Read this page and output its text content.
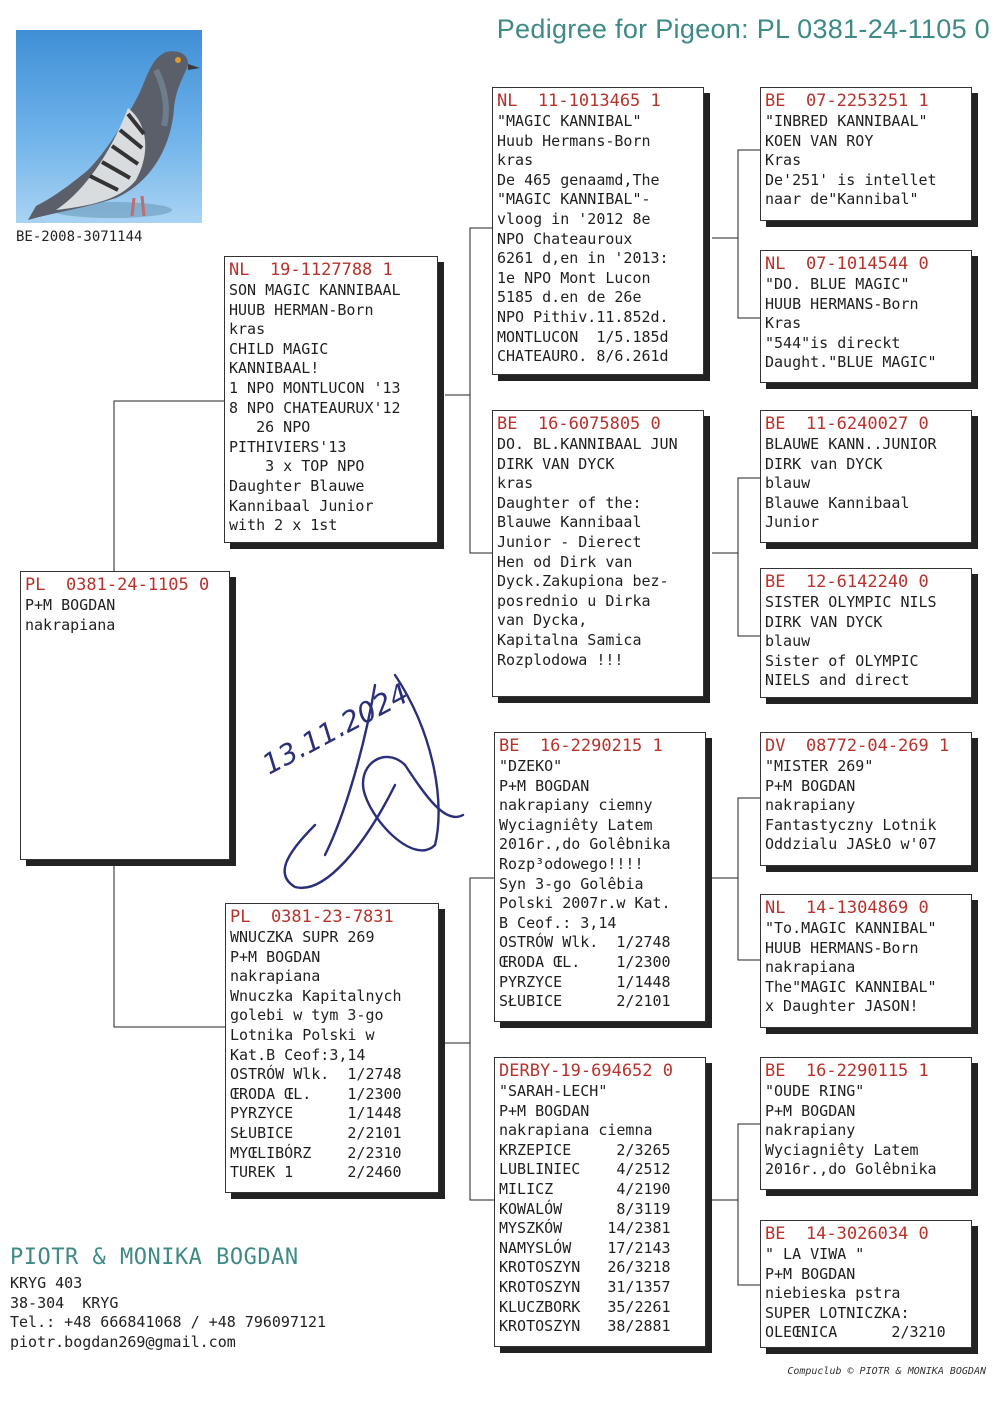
Pedigree for Pigeon: PL 0381-24-1105 0
BE-2008-3071144
PL  0381-24-1105 0
P+M BOGDAN
nakrapiana
NL  19-1127788 1
SON MAGIC KANNIBAAL
HUUB HERMAN-Born
kras
CHILD MAGIC
KANNIBAAL!
1 NPO MONTLUCON '13
8 NPO CHATEAURUX'12
26 NPO
PITHIVIERS'13
3 x TOP NPO
Daughter Blauwe
Kannibaal Junior
with 2 x 1st
PL  0381-23-7831
WNUCZKA SUPR 269
P+M BOGDAN
nakrapiana
Wnuczka Kapitalnych
golebi w tym 3-go
Lotnika Polski w
Kat.B Ceof:3,14
OSTRÓW Wlk.  1/2748
ŒRODA ŒL.    1/2300
PYRZYCE      1/1448
SŁUBICE      2/2101
MYŒLIBÓRZ    2/2310
TUREK 1      2/2460
NL  11-1013465 1
"MAGIC KANNIBAL"
Huub Hermans-Born
kras
De 465 genaamd,The
"MAGIC KANNIBAL"-
vloog in '2012 8e
NPO Chateauroux
6261 d,en in '2013:
1e NPO Mont Lucon
5185 d.en de 26e
NPO Pithiv.11.852d.
MONTLUCON  1/5.185d
CHATEAURO. 8/6.261d
BE  16-6075805 0
DO. BL.KANNIBAAL JUN
DIRK VAN DYCK
kras
Daughter of the:
Blauwe Kannibaal
Junior - Dierect
Hen od Dirk van
Dyck.Zakupiona bez-
posrednio u Dirka
van Dycka,
Kapitalna Samica
Rozplodowa !!!
BE  16-2290215 1
"DZEKO"
P+M BOGDAN
nakrapiany ciemny
Wyciagniêty Latem
2016r.,do Golêbnika
Rozp³odowego!!!!
Syn 3-go Golêbia
Polski 2007r.w Kat.
B Ceof.: 3,14
OSTRÓW Wlk.  1/2748
ŒRODA ŒL.    1/2300
PYRZYCE      1/1448
SŁUBICE      2/2101
DERBY-19-694652 0
"SARAH-LECH"
P+M BOGDAN
nakrapiana ciemna
KRZEPICE     2/3265
LUBLINIEC    4/2512
MILICZ       4/2190
KOWALÓW      8/3119
MYSZKÓW     14/2381
NAMYSLÓW    17/2143
KROTOSZYN   26/3218
KROTOSZYN   31/1357
KLUCZBORK   35/2261
KROTOSZYN   38/2881
BE  07-2253251 1
"INBRED KANNIBAAL"
KOEN VAN ROY
Kras
De'251' is intellet
naar de"Kannibal"
NL  07-1014544 0
"DO. BLUE MAGIC"
HUUB HERMANS-Born
Kras
"544"is direckt
Daught."BLUE MAGIC"
BE  11-6240027 0
BLAUWE KANN..JUNIOR
DIRK van DYCK
blauw
Blauwe Kannibaal
Junior
BE  12-6142240 0
SISTER OLYMPIC NILS
DIRK VAN DYCK
blauw
Sister of OLYMPIC
NIELS and direct
DV  08772-04-269 1
"MISTER 269"
P+M BOGDAN
nakrapiany
Fantastyczny Lotnik
Oddzialu JASŁO w'07
NL  14-1304869 0
"To.MAGIC KANNIBAL"
HUUB HERMANS-Born
nakrapiana
The"MAGIC KANNIBAL"
x Daughter JASON!
BE  16-2290115 1
"OUDE RING"
P+M BOGDAN
nakrapiany
Wyciagniêty Latem
2016r.,do Golêbnika
BE  14-3026034 0
" LA VIWA "
P+M BOGDAN
niebieska pstra
SUPER LOTNICZKA:
OLEŒNICA      2/3210
13.11.2024
PIOTR & MONIKA BOGDAN
KRYG 403
38-304  KRYG
Tel.: +48 666841068 / +48 796097121
piotr.bogdan269@gmail.com
Compuclub © PIOTR & MONIKA BOGDAN
